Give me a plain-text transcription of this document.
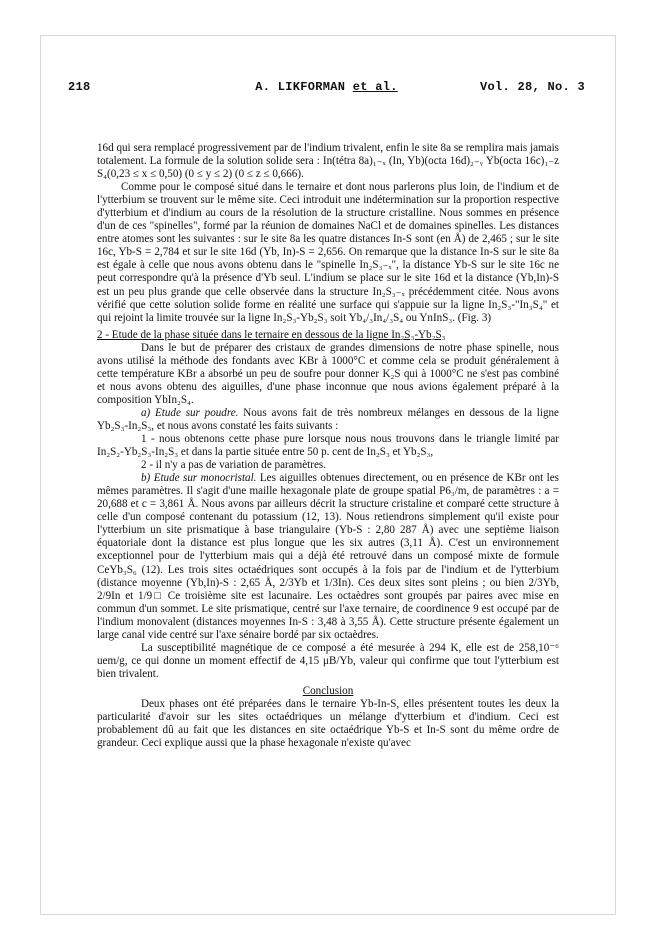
218	A. LIKFORMAN et al.	Vol. 28, No. 3

16d qui sera remplacé progressivement par de l'indium trivalent, enfin le site 8a se remplira mais jamais totalement. La formule de la solution solide sera : In(tétra 8a)₁₋ₓ (In, Yb)(octa 16d)₂₋ᵧ Yb(octa 16c)₁₋z S₄(0,23 ≤ x ≤ 0,50) (0 ≤ y ≤ 2) (0 ≤ z ≤ 0,666).

Comme pour le composé situé dans le ternaire et dont nous parlerons plus loin, de l'indium et de l'ytterbium se trouvent sur le même site. Ceci introduit une indétermination sur la proportion respective d'ytterbium et d'indium au cours de la résolution de la structure cristalline. Nous sommes en présence d'un de ces "spinelles", formé par la réunion de domaines NaCl et de domaines spinelles. Les distances entre atomes sont les suivantes : sur le site 8a les quatre distances In-S sont (en Å) de 2,465 ; sur le site 16c, Yb-S = 2,784 et sur le site 16d (Yb, In)-S = 2,656. On remarque que la distance In-S sur le site 8a est égale à celle que nous avons obtenu dans le "spinelle In₂S₃₋ₓ", la distance Yb-S sur le site 16c ne peut correspondre qu'à la présence d'Yb seul. L'indium se place sur le site 16d et la distance (Yb,In)-S est un peu plus grande que celle observée dans la structure In₂S₃₋ₓ précédemment citée. Nous avons vérifié que cette solution solide forme en réalité une surface qui s'appuie sur la ligne In₂S₃-"In₃S₄" et qui rejoint la limite trouvée sur la ligne In₂S₃-Yb₂S₃ soit Yb₄/₃In₄/₃S₄ ou YnInS₃. (Fig. 3)

2 - Etude de la phase située dans le ternaire en dessous de la ligne In₂S₃-Yb₂S₃

Dans le but de préparer des cristaux de grandes dimensions de notre phase spinelle, nous avons utilisé la méthode des fondants avec KBr à 1000°C et comme cela se produit généralement à cette température KBr a absorbé un peu de soufre pour donner K₂S qui à 1000°C ne s'est pas combiné et nous avons obtenu des aiguilles, d'une phase inconnue que nous avions également préparé à la composition YbIn₂S₄.

a) Etude sur poudre. Nous avons fait de très nombreux mélanges en dessous de la ligne Yb₂S₃-In₂S₃, et nous avons constaté les faits suivants :

1 - nous obtenons cette phase pure lorsque nous nous trouvons dans le triangle limité par In₂S₂-Yb₂S₃-In₂S₃ et dans la partie située entre 50 p. cent de In₂S₃ et Yb₂S₃,

2 - il n'y a pas de variation de paramètres.

b) Etude sur monocristal. Les aiguilles obtenues directement, ou en présence de KBr ont les mêmes paramètres. Il s'agit d'une maille hexagonale plate de groupe spatial P6₃/m, de paramètres : a = 20,688 et c = 3,861 Å. Nous avons par ailleurs décrit la structure cristaline et comparé cette structure à celle d'un composé contenant du potassium (12, 13). Nous retiendrons simplement qu'il existe pour l'ytterbium un site prismatique à base triangulaire (Yb-S : 2,80 287 Å) avec une septième liaison équatoriale dont la distance est plus longue que les six autres (3,11 Å). C'est un environnement exceptionnel pour de l'ytterbium mais qui a déjà été retrouvé dans un composé mixte de formule CeYb₃S₆ (12). Les trois sites octaédriques sont occupés à la fois par de l'indium et de l'ytterbium (distance moyenne (Yb,In)-S : 2,65 Å, 2/3Yb et 1/3In). Ces deux sites sont pleins ; ou bien 2/3Yb, 2/9In et 1/9□ Ce troisième site est lacunaire. Les octaèdres sont groupés par paires avec mise en commun d'un sommet. Le site prismatique, centré sur l'axe ternaire, de coordinence 9 est occupé par de l'indium monovalent (distances moyennes In-S : 3,48 à 3,55 Å). Cette structure présente également un large canal vide centré sur l'axe sénaire bordé par six octaèdres.

La susceptibilité magnétique de ce composé a été mesurée à 294 K, elle est de 258,10⁻⁶ uem/g, ce qui donne un moment effectif de 4,15 μB/Yb, valeur qui confirme que tout l'ytterbium est bien trivalent.

Conclusion

Deux phases ont été préparées dans le ternaire Yb-In-S, elles présentent toutes les deux la particularité d'avoir sur les sites octaédriques un mélange d'ytterbium et d'indium. Ceci est probablement dû au fait que les distances en site octaédrique Yb-S et In-S sont du même ordre de grandeur. Ceci explique aussi que la phase hexagonale n'existe qu'avec
